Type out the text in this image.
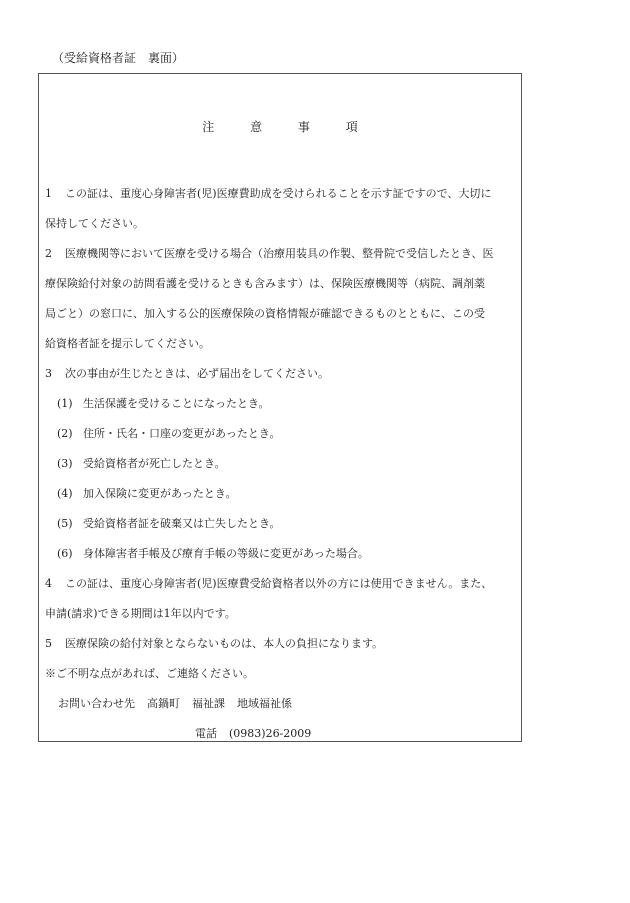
（受給資格者証　裏面）
注	意	事	項
1 この証は、重度心身障害者(児)医療費助成を受けられることを示す証ですので、大切に
保持してください。
2 医療機関等において医療を受ける場合（治療用装具の作製、整骨院で受信したとき、医
療保険給付対象の訪問看護を受けるときも含みます）は、保険医療機関等（病院、調剤薬
局ごと）の窓口に、加入する公的医療保険の資格情報が確認できるものとともに、この受
給資格者証を提示してください。
3 次の事由が生じたときは、必ず届出をしてください。
(1) 生活保護を受けることになったとき。
(2) 住所・氏名・口座の変更があったとき。
(3) 受給資格者が死亡したとき。
(4) 加入保険に変更があったとき。
(5) 受給資格者証を破棄又は亡失したとき。
(6) 身体障害者手帳及び療育手帳の等級に変更があった場合。
4 この証は、重度心身障害者(児)医療費受給資格者以外の方には使用できません。また、
申請(請求)できる期間は1年以内です。
5 医療保険の給付対象とならないものは、本人の負担になります。
※ご不明な点があれば、ご連絡ください。
お問い合わせ先 高鍋町 福祉課 地域福祉係
電話 (0983)26-2009
